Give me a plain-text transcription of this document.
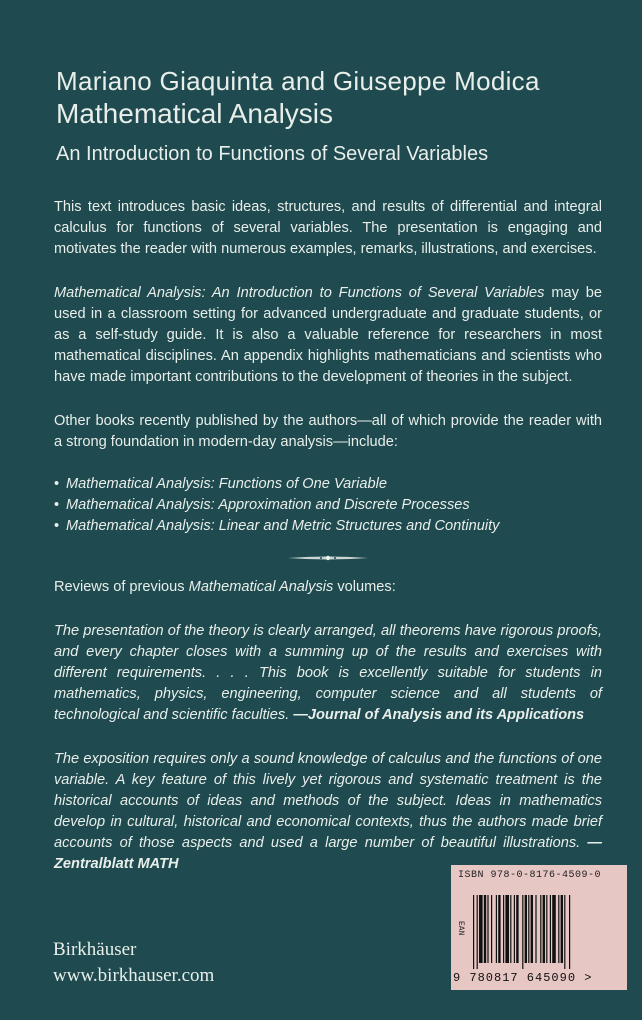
Mariano Giaquinta and Giuseppe Modica
Mathematical Analysis
An Introduction to Functions of Several Variables

This text introduces basic ideas, structures, and results of differential and integral calculus for functions of several variables. The presentation is engaging and motivates the reader with numerous examples, remarks, illustrations, and exercises.

Mathematical Analysis: An Introduction to Functions of Several Variables may be used in a classroom setting for advanced undergraduate and graduate students, or as a self-study guide. It is also a valuable reference for researchers in most mathematical disciplines. An appendix highlights mathematicians and scientists who have made important contributions to the development of theories in the subject.

Other books recently published by the authors—all of which provide the reader with a strong foundation in modern-day analysis—include:

• Mathematical Analysis: Functions of One Variable
• Mathematical Analysis: Approximation and Discrete Processes
• Mathematical Analysis: Linear and Metric Structures and Continuity

Reviews of previous Mathematical Analysis volumes:

The presentation of the theory is clearly arranged, all theorems have rigorous proofs, and every chapter closes with a summing up of the results and exercises with different requirements. . . . This book is excellently suitable for students in mathematics, physics, engineering, computer science and all students of technological and scientific faculties. —Journal of Analysis and its Applications

The exposition requires only a sound knowledge of calculus and the functions of one variable. A key feature of this lively yet rigorous and systematic treatment is the historical accounts of ideas and methods of the subject. Ideas in mathematics develop in cultural, historical and economical contexts, thus the authors made brief accounts of those aspects and used a large number of beautiful illustrations. —Zentralblatt MATH

Birkhäuser
www.birkhauser.com
ISBN 978-0-8176-4509-0
EAN
9 780817 645090 >
